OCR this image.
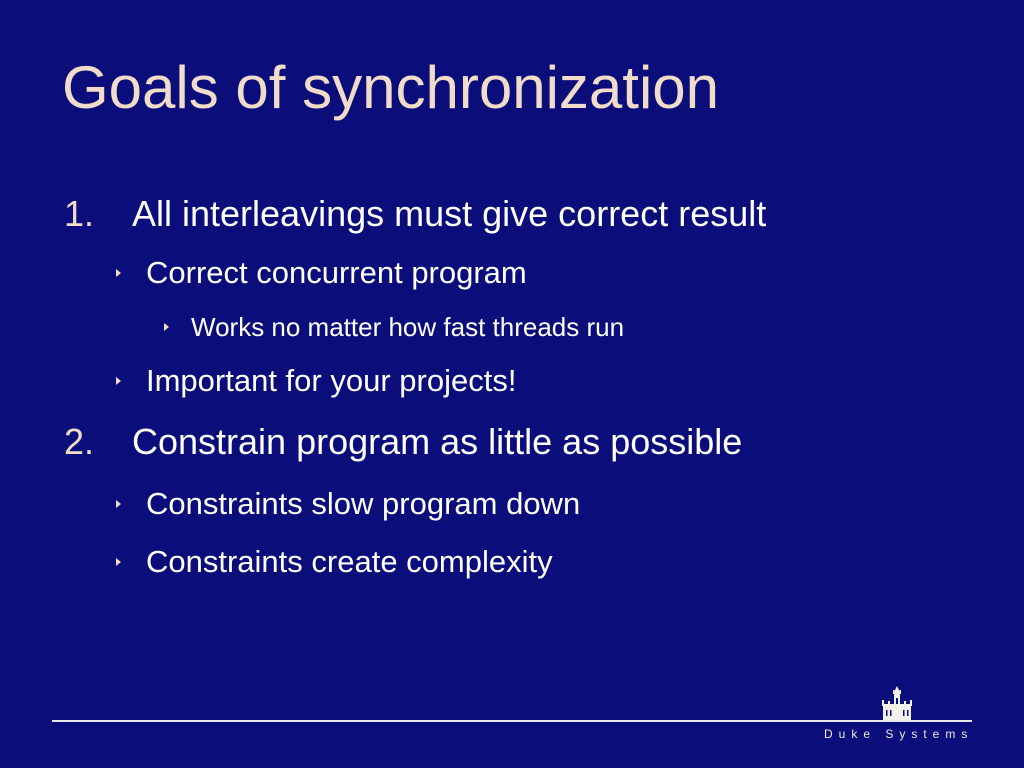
Goals of synchronization
1. All interleavings must give correct result
Correct concurrent program
Works no matter how fast threads run
Important for your projects!
2. Constrain program as little as possible
Constraints slow program down
Constraints create complexity
Duke Systems
